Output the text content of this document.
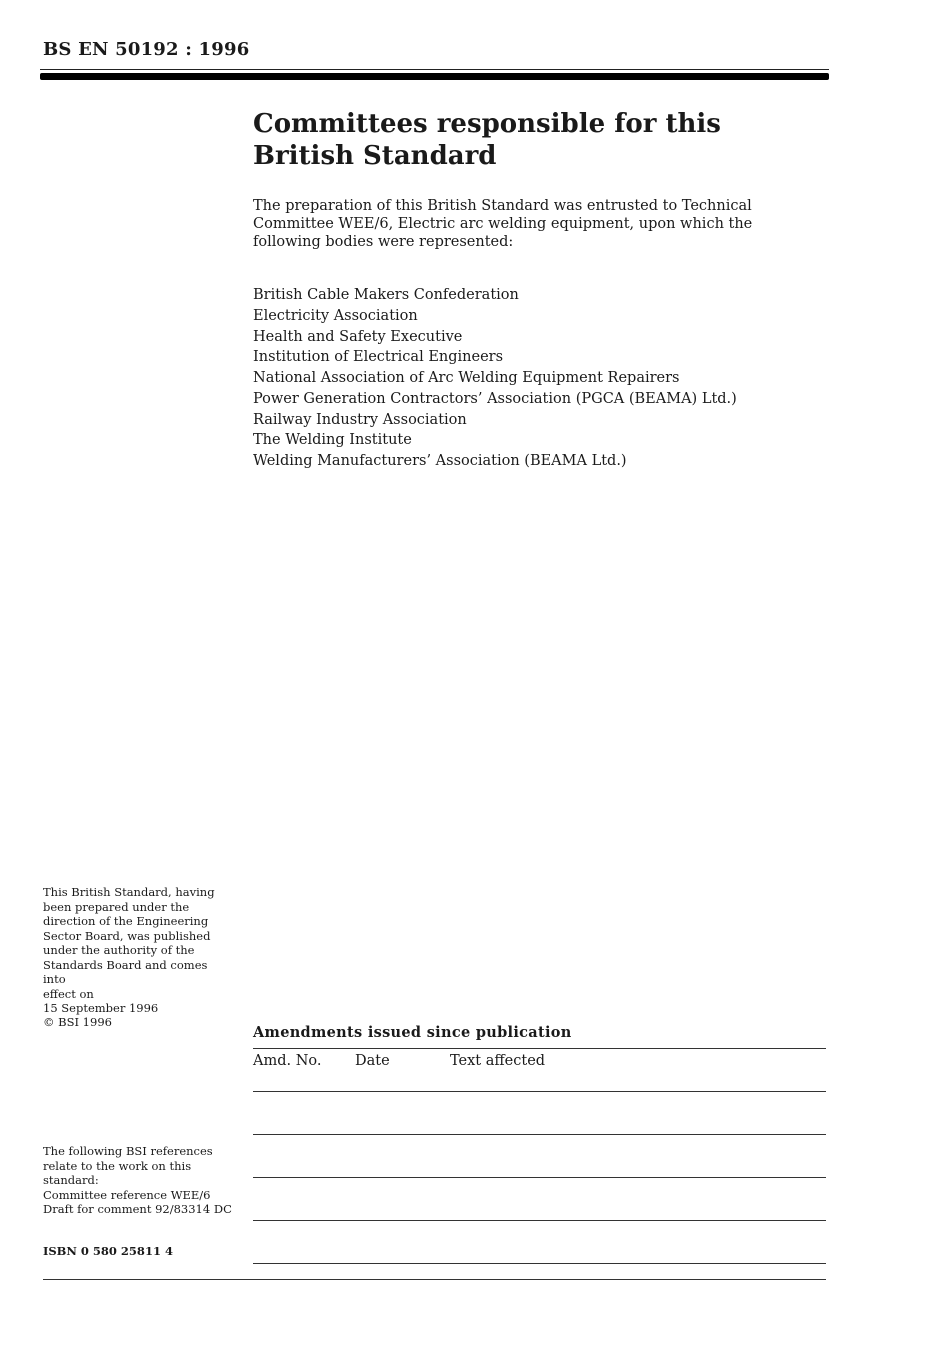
BS EN 50192 : 1996
Committees responsible for this
British Standard

The preparation of this British Standard was entrusted to Technical Committee WEE/6, Electric arc welding equipment, upon which the following bodies were represented:

British Cable Makers Confederation
Electricity Association
Health and Safety Executive
Institution of Electrical Engineers
National Association of Arc Welding Equipment Repairers
Power Generation Contractors’ Association (PGCA (BEAMA) Ltd.)
Railway Industry Association
The Welding Institute
Welding Manufacturers’ Association (BEAMA Ltd.)

This British Standard, having
been prepared under the
direction of the Engineering
Sector Board, was published
under the authority of the
Standards Board and comes into
effect on
15 September 1996

© BSI 1996

The following BSI references
relate to the work on this
standard:
Committee reference WEE/6
Draft for comment 92/83314 DC

ISBN 0 580 25811 4
Amendments issued since publication
Amd. No. Date	Text affected
